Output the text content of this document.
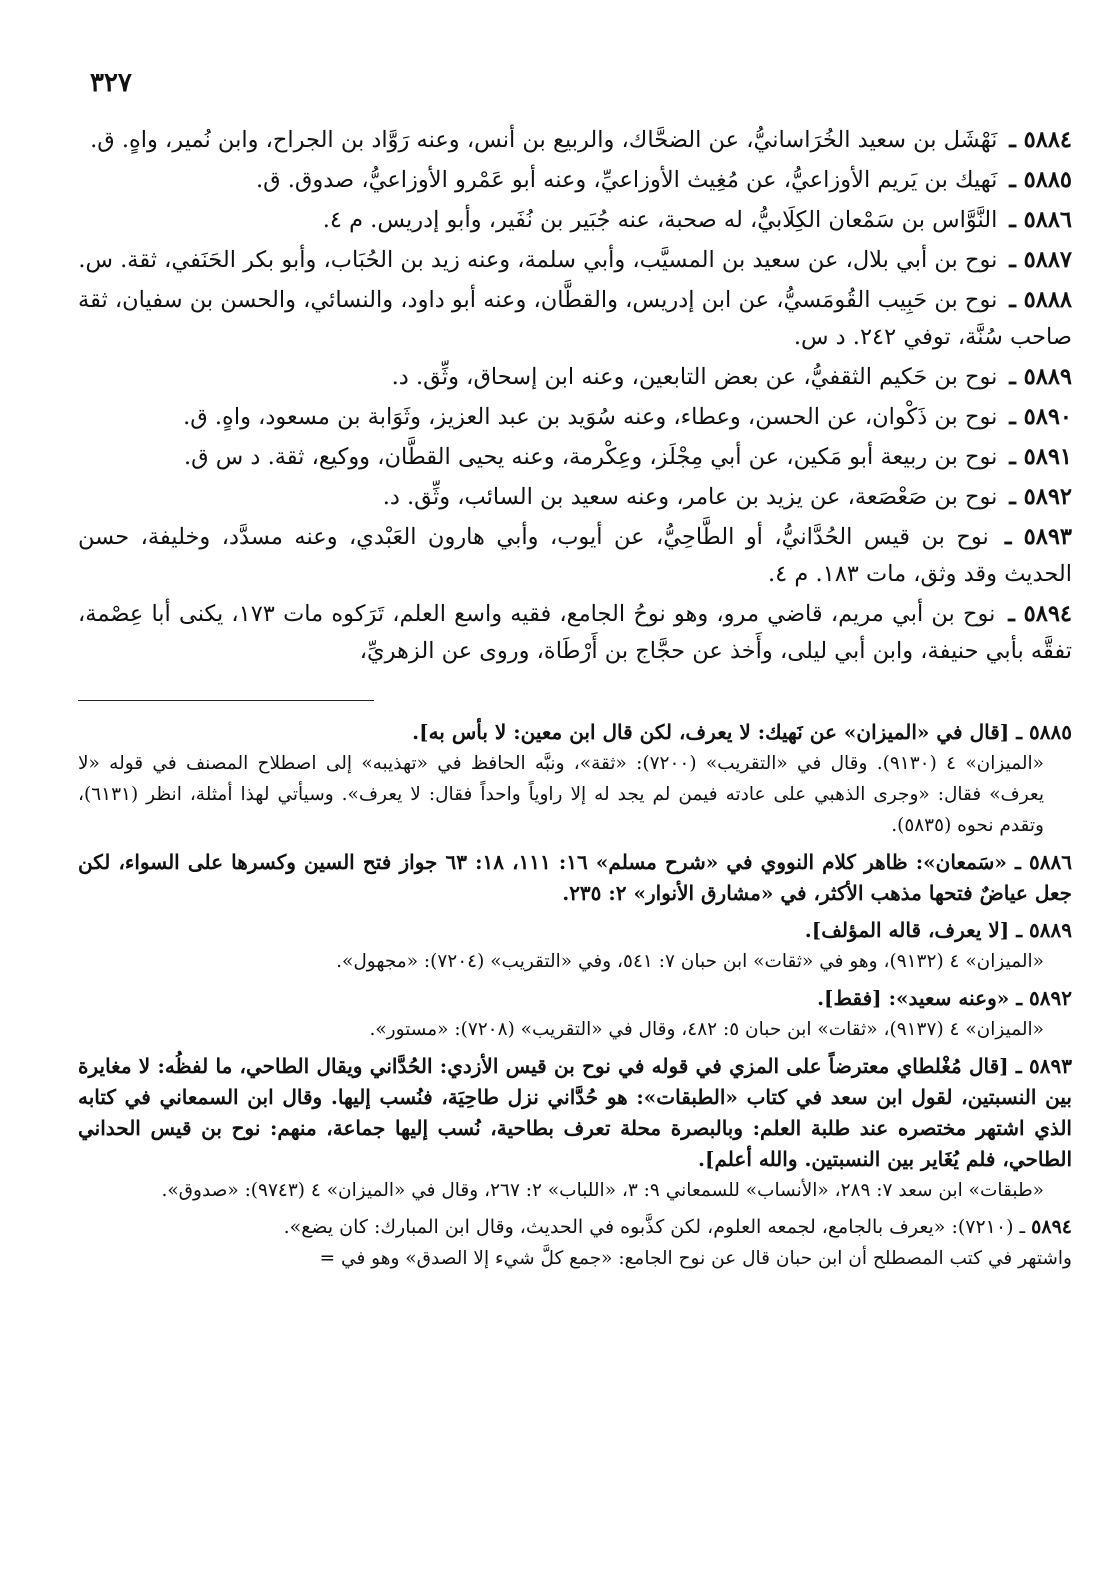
٣٢٧

٥٨٨٤ ـ نَهْشَل بن سعيد الخُرَاسانيُّ، عن الضحَّاك، والربيع بن أنس، وعنه رَوَّاد بن الجراح، وابن نُمير، واهٍ. ق.

٥٨٨٥ ـ نَهيك بن يَريم الأوزاعيُّ، عن مُغِيث الأوزاعيِّ، وعنه أبو عَمْرو الأوزاعيُّ، صدوق. ق.

٥٨٨٦ ـ النَّوَّاس بن سَمْعان الكِلَابيُّ، له صحبة، عنه جُبَير بن نُفَير، وأبو إدريس. م ٤.

٥٨٨٧ ـ نوح بن أبي بلال، عن سعيد بن المسيَّب، وأبي سلمة، وعنه زيد بن الحُبَاب، وأبو بكر الحَنَفي، ثقة. س.

٥٨٨٨ ـ نوح بن حَبِيب القُومَسيُّ، عن ابن إدريس، والقطَّان، وعنه أبو داود، والنسائي، والحسن بن سفيان، ثقة صاحب سُنَّة، توفي ٢٤٢. د س.

٥٨٨٩ ـ نوح بن حَكيم الثقفيُّ، عن بعض التابعين، وعنه ابن إسحاق، وثِّق. د.

٥٨٩٠ ـ نوح بن ذَكْوان، عن الحسن، وعطاء، وعنه سُوَيد بن عبد العزيز، وثَوَابة بن مسعود، واهٍ. ق.

٥٨٩١ ـ نوح بن ربيعة أبو مَكين، عن أبي مِجْلَز، وعِكْرمة، وعنه يحيى القطَّان، ووكيع، ثقة. د س ق.

٥٨٩٢ ـ نوح بن صَعْصَعة، عن يزيد بن عامر، وعنه سعيد بن السائب، وثِّق. د.

٥٨٩٣ ـ نوح بن قيس الحُدَّانيُّ، أو الطَّاحِيُّ، عن أيوب، وأبي هارون العَبْدي، وعنه مسدَّد، وخليفة، حسن الحديث وقد وثق، مات ١٨٣. م ٤.

٥٨٩٤ ـ نوح بن أبي مريم، قاضي مرو، وهو نوحُ الجامع، فقيه واسع العلم، تَرَكوه مات ١٧٣، يكنى أبا عِصْمة، تفقَّه بأبي حنيفة، وابن أبي ليلى، وأَخذ عن حجَّاج بن أَرْطَاة، وروى عن الزهريِّ،

٥٨٨٥ ـ [قال في «الميزان» عن نَهيك: لا يعرف، لكن قال ابن معين: لا بأس به].

«الميزان» ٤ (٩١٣٠). وقال في «التقريب» (٧٢٠٠): «ثقة»، ونبَّه الحافظ في «تهذيبه» إلى اصطلاح المصنف في قوله «لا يعرف» فقال: «وجرى الذهبي على عادته فيمن لم يجد له إلا راوياً واحداً فقال: لا يعرف». وسيأتي لهذا أمثلة، انظر (٦١٣١)، وتقدم نحوه (٥٨٣٥).

٥٨٨٦ ـ «سَمعان»: ظاهر كلام النووي في «شرح مسلم» ١٦: ١١١، ١٨: ٦٣ جواز فتح السين وكسرها على السواء، لكن جعل عياضٌ فتحها مذهب الأكثر، في «مشارق الأنوار» ٢: ٢٣٥.

٥٨٨٩ ـ [لا يعرف، قاله المؤلف].

«الميزان» ٤ (٩١٣٢)، وهو في «ثقات» ابن حبان ٧: ٥٤١، وفي «التقريب» (٧٢٠٤): «مجهول».

٥٨٩٢ ـ «وعنه سعيد»: [فقط].

«الميزان» ٤ (٩١٣٧)، «ثقات» ابن حبان ٥: ٤٨٢، وقال في «التقريب» (٧٢٠٨): «مستور».

٥٨٩٣ ـ [قال مُغْلطاي معترضاً على المزي في قوله في نوح بن قيس الأزدي: الحُدَّاني ويقال الطاحي، ما لفظُه: لا مغايرة بين النسبتين، لقول ابن سعد في كتاب «الطبقات»: هو حُدَّاني نزل طاحِيَة، فنُسب إليها. وقال ابن السمعاني في كتابه الذي اشتهر مختصره عند طلبة العلم: وبالبصرة محلة تعرف بطاحية، نُسب إليها جماعة، منهم: نوح بن قيس الحداني الطاحي، فلم يُغَاير بين النسبتين. والله أعلم].

«طبقات» ابن سعد ٧: ٢٨٩، «الأنساب» للسمعاني ٩: ٣، «اللباب» ٢: ٢٦٧، وقال في «الميزان» ٤ (٩٧٤٣): «صدوق».

٥٨٩٤ ـ (٧٢١٠): «يعرف بالجامع، لجمعه العلوم، لكن كذَّبوه في الحديث، وقال ابن المبارك: كان يضع».

واشتهر في كتب المصطلح أن ابن حبان قال عن نوح الجامع: «جمع كلَّ شيء إلا الصدق» وهو في =
